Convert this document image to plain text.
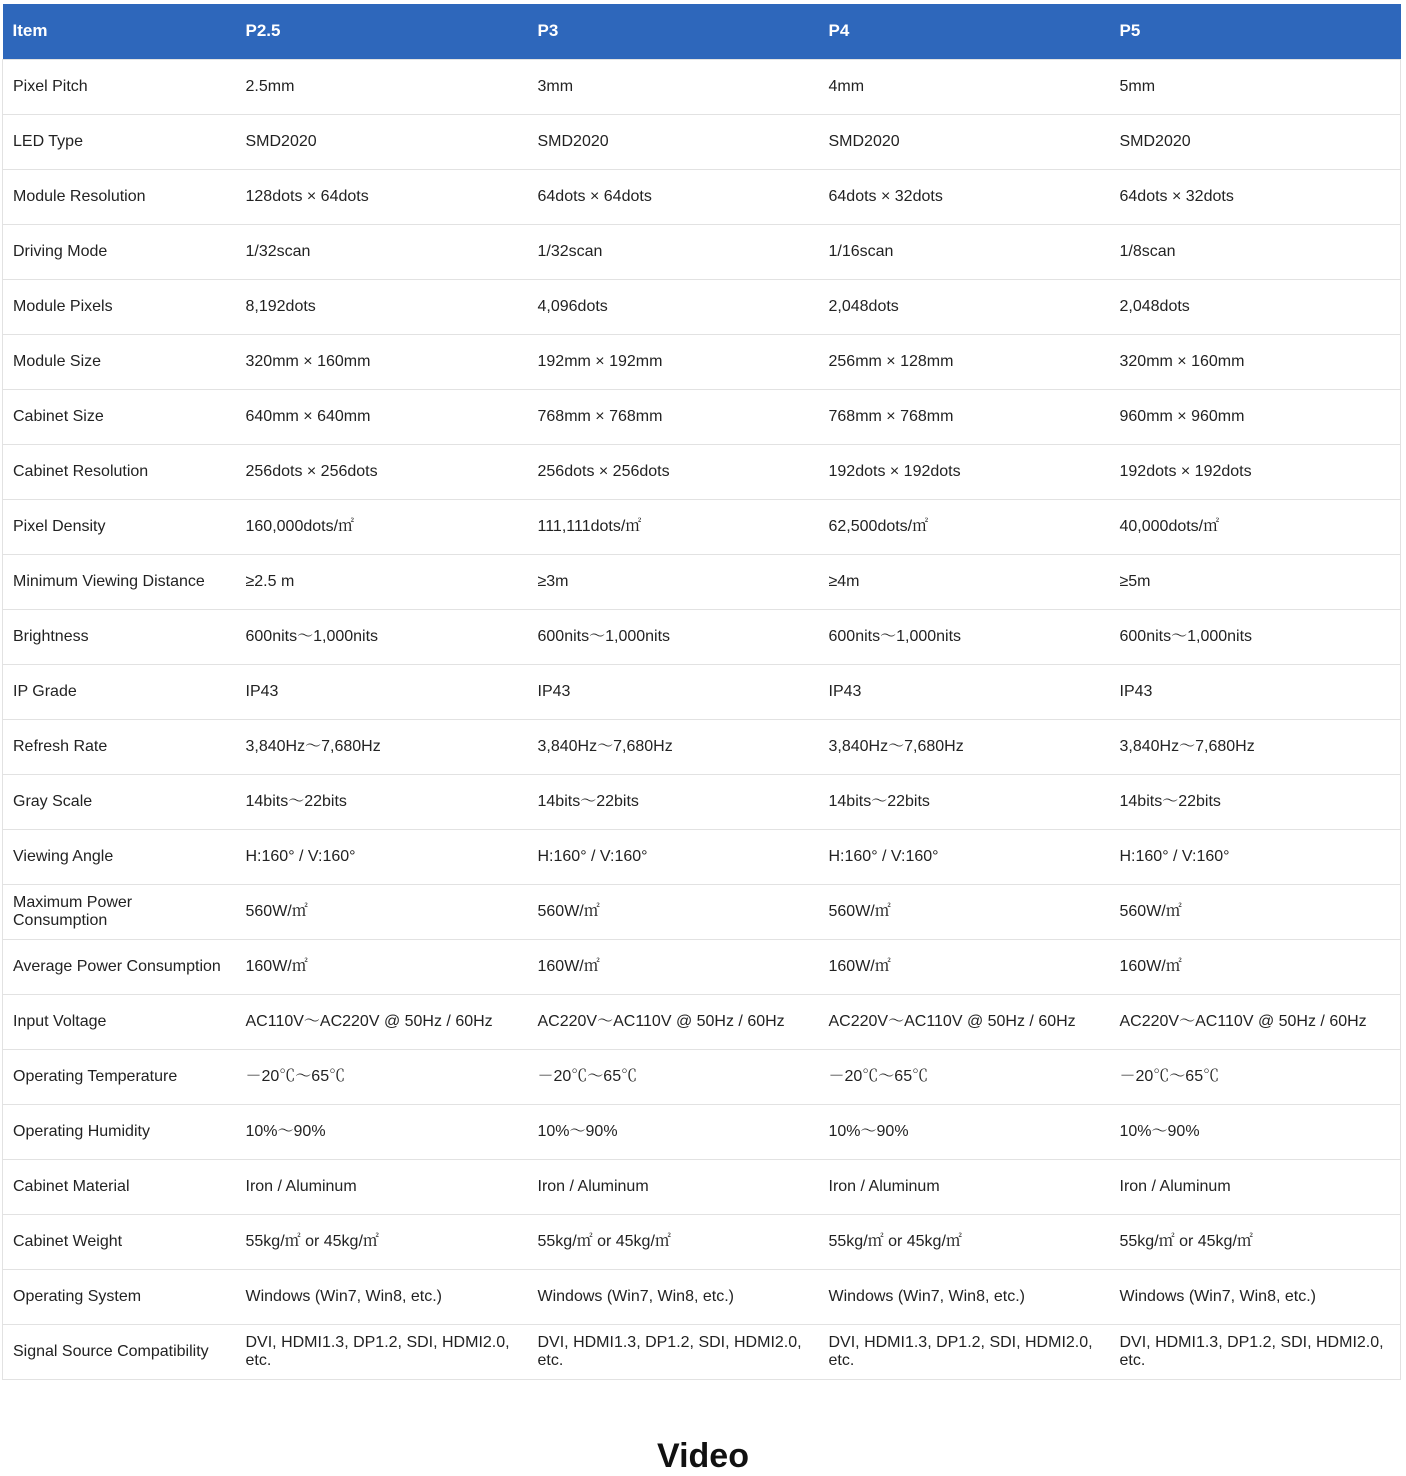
Item	P2.5	P3	P4	P5
Pixel Pitch	2.5mm	3mm	4mm	5mm
LED Type	SMD2020	SMD2020	SMD2020	SMD2020
Module Resolution	128dots × 64dots	64dots × 64dots	64dots × 32dots	64dots × 32dots
Driving Mode	1/32scan	1/32scan	1/16scan	1/8scan
Module Pixels	8,192dots	4,096dots	2,048dots	2,048dots
Module Size	320mm × 160mm	192mm × 192mm	256mm × 128mm	320mm × 160mm
Cabinet Size	640mm × 640mm	768mm × 768mm	768mm × 768mm	960mm × 960mm
Cabinet Resolution	256dots × 256dots	256dots × 256dots	192dots × 192dots	192dots × 192dots
Pixel Density	160,000dots/㎡	111,111dots/㎡	62,500dots/㎡	40,000dots/㎡
Minimum Viewing Distance	≥2.5 m	≥3m	≥4m	≥5m
Brightness	600nits～1,000nits	600nits～1,000nits	600nits～1,000nits	600nits～1,000nits
IP Grade	IP43	IP43	IP43	IP43
Refresh Rate	3,840Hz～7,680Hz	3,840Hz～7,680Hz	3,840Hz～7,680Hz	3,840Hz～7,680Hz
Gray Scale	14bits～22bits	14bits～22bits	14bits～22bits	14bits～22bits
Viewing Angle	H:160° / V:160°	H:160° / V:160°	H:160° / V:160°	H:160° / V:160°
Maximum Power Consumption	560W/㎡	560W/㎡	560W/㎡	560W/㎡
Average Power Consumption	160W/㎡	160W/㎡	160W/㎡	160W/㎡
Input Voltage	AC110V～AC220V @ 50Hz / 60Hz	AC220V～AC110V @ 50Hz / 60Hz	AC220V～AC110V @ 50Hz / 60Hz	AC220V～AC110V @ 50Hz / 60Hz
Operating Temperature	－20℃～65℃	－20℃～65℃	－20℃～65℃	－20℃～65℃
Operating Humidity	10%～90%	10%～90%	10%～90%	10%～90%
Cabinet Material	Iron / Aluminum	Iron / Aluminum	Iron / Aluminum	Iron / Aluminum
Cabinet Weight	55kg/㎡ or 45kg/㎡	55kg/㎡ or 45kg/㎡	55kg/㎡ or 45kg/㎡	55kg/㎡ or 45kg/㎡
Operating System	Windows (Win7, Win8, etc.)	Windows (Win7, Win8, etc.)	Windows (Win7, Win8, etc.)	Windows (Win7, Win8, etc.)
Signal Source Compatibility	DVI, HDMI1.3, DP1.2, SDI, HDMI2.0, etc.	DVI, HDMI1.3, DP1.2, SDI, HDMI2.0, etc.	DVI, HDMI1.3, DP1.2, SDI, HDMI2.0, etc.	DVI, HDMI1.3, DP1.2, SDI, HDMI2.0, etc.
Video
